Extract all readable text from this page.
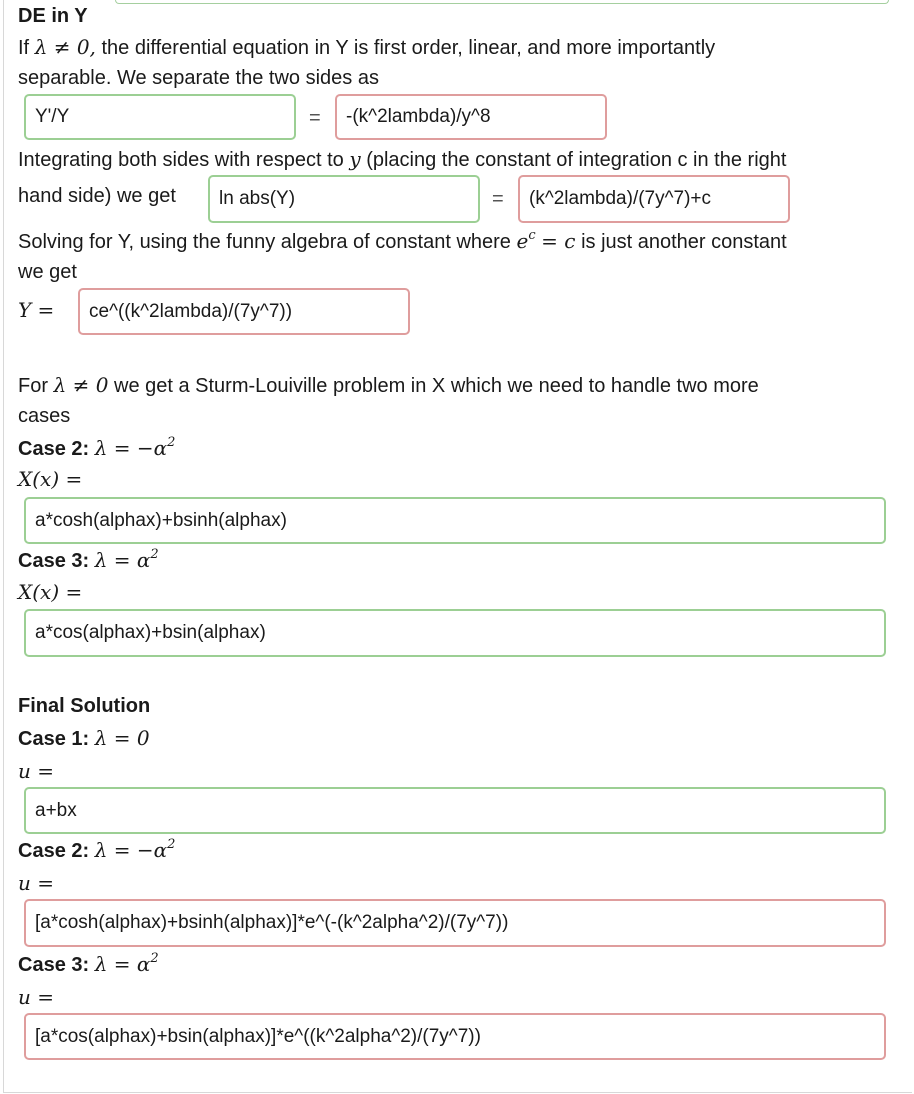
DE in Y
If λ ≠ 0, the differential equation in Y is first order, linear, and more importantly
separable. We separate the two sides as
Y'/Y	=	-(k^2lambda)/y^8
Integrating both sides with respect to y (placing the constant of integration c in the right
hand side) we get	ln abs(Y)	=	(k^2lambda)/(7y^7)+c
Solving for Y, using the funny algebra of constant where $e^c = c$ is just another constant
we get
Y =	ce^((k^2lambda)/(7y^7))
For λ ≠ 0 we get a Sturm-Louiville problem in X which we need to handle two more
cases
Case 2: $\lambda = -\alpha^2$
X(x) =
a*cosh(alphax)+bsinh(alphax)
Case 3: $\lambda = \alpha^2$
X(x) =
a*cos(alphax)+bsin(alphax)
Final Solution
Case 1: λ = 0
u =
a+bx
Case 2: $\lambda = -\alpha^2$
u =
[a*cosh(alphax)+bsinh(alphax)]*e^(-(k^2alpha^2)/(7y^7))
Case 3: $\lambda = \alpha^2$
u =
[a*cos(alphax)+bsin(alphax)]*e^((k^2alpha^2)/(7y^7))
